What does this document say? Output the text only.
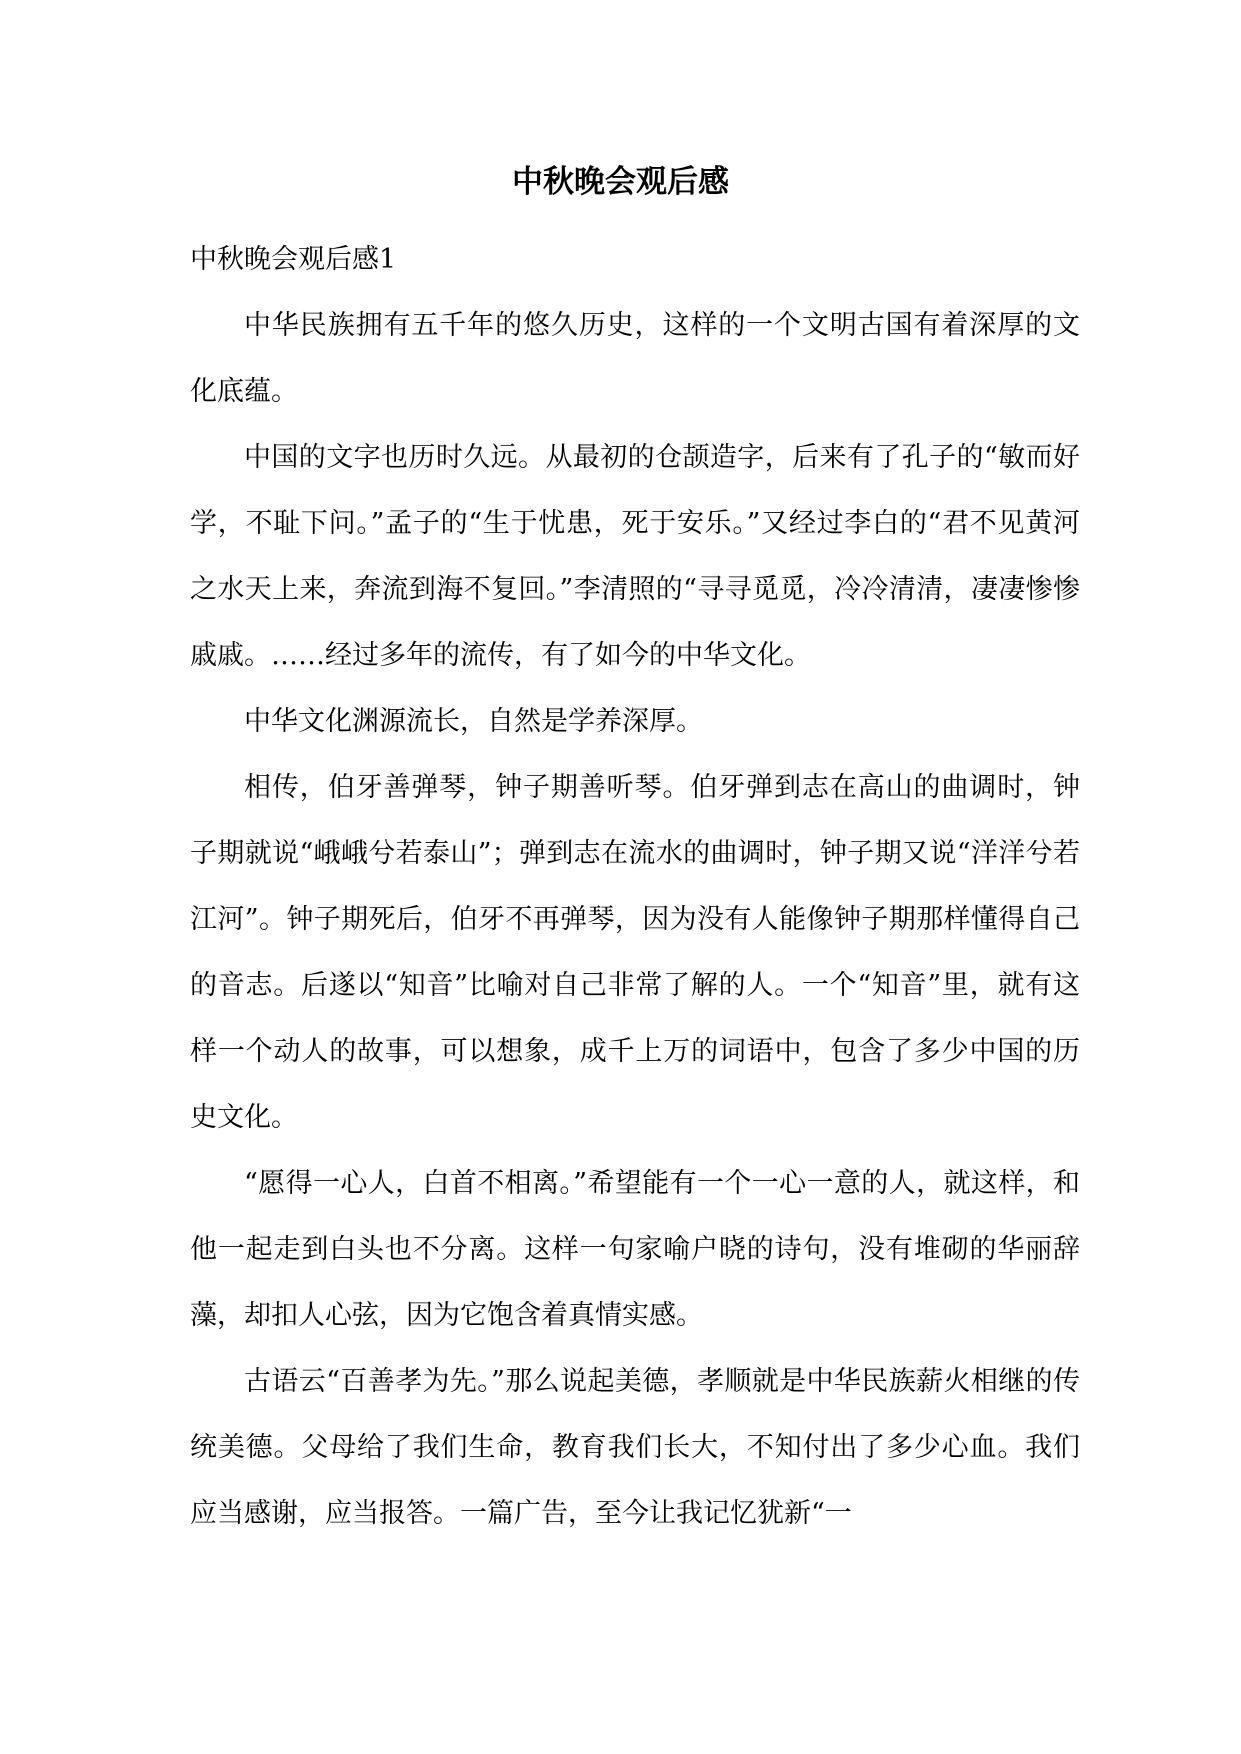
中秋晚会观后感

中秋晚会观后感1

中华民族拥有五千年的悠久历史，这样的一个文明古国有着深厚的文化底蕴。

中国的文字也历时久远。从最初的仓颉造字，后来有了孔子的“敏而好学，不耻下问。”孟子的“生于忧患，死于安乐。”又经过李白的“君不见黄河之水天上来，奔流到海不复回。”李清照的“寻寻觅觅，冷冷清清，凄凄惨惨戚戚。……经过多年的流传，有了如今的中华文化。

中华文化渊源流长，自然是学养深厚。

相传，伯牙善弹琴，钟子期善听琴。伯牙弹到志在高山的曲调时，钟子期就说“峨峨兮若泰山”；弹到志在流水的曲调时，钟子期又说“洋洋兮若江河”。钟子期死后，伯牙不再弹琴，因为没有人能像钟子期那样懂得自己的音志。后遂以“知音”比喻对自己非常了解的人。一个“知音”里，就有这样一个动人的故事，可以想象，成千上万的词语中，包含了多少中国的历史文化。

“愿得一心人，白首不相离。”希望能有一个一心一意的人，就这样，和他一起走到白头也不分离。这样一句家喻户晓的诗句，没有堆砌的华丽辞藻，却扣人心弦，因为它饱含着真情实感。

古语云“百善孝为先。”那么说起美德，孝顺就是中华民族薪火相继的传统美德。父母给了我们生命，教育我们长大，不知付出了多少心血。我们应当感谢，应当报答。一篇广告，至今让我记忆犹新“一
